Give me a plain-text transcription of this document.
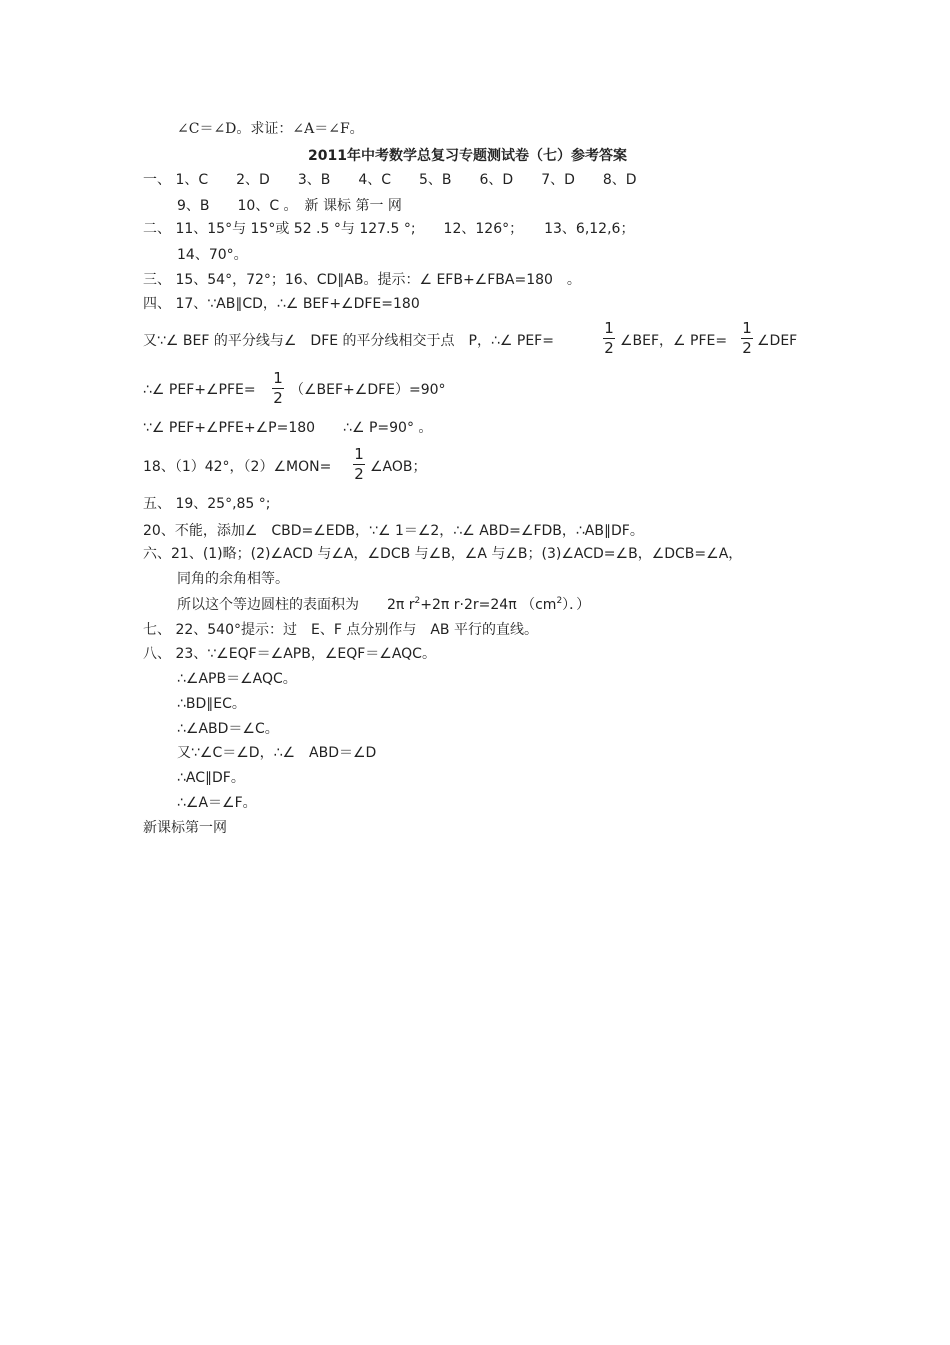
∠C＝∠D。求证：∠A＝∠F。
2011年中考数学总复习专题测试卷（七）参考答案
一、 1、C　　2、D　　3、B　　4、C　　5、B　　6、D　　7、D　　8、D
9、B　　10、C 。　新 课标 第一 网
二、 11、15°与 15°或 52 .5 °与 127.5 °;　　12、126°；　　13、6,12,6；
14、70°。
三、 15、54°，72°；16、CD∥AB。提示：∠ EFB+∠FBA=180　。
四、 17、∵AB∥CD，∴∠ BEF+∠DFE=180
又∵∠ BEF 的平分线与∠　DFE 的平分线相交于点　P，∴∠ PEF=
1
2 ∠BEF，∠ PFE=
1
2 ∠DEF
∴∠ PEF+∠PFE=
1
2 （∠BEF+∠DFE）=90°
∵∠ PEF+∠PFE+∠P=180　　∴∠ P=90° 。
18、（1）42°，（2）∠MON=
1
2 ∠AOB；
五、 19、25°,85 °;
20、不能，添加∠　CBD=∠EDB，∵∠ 1＝∠2，∴∠ ABD=∠FDB，∴AB∥DF。
六、21、(1)略；(2)∠ACD 与∠A，∠DCB 与∠B，∠A 与∠B；(3)∠ACD=∠B，∠DCB=∠A，
同角的余角相等。
所以这个等边圆柱的表面积为　　2π $r^2+2\pi$ r·2r=24π $(cm^2)$．）
七、 22、540°提示：过　E、F 点分别作与　AB 平行的直线。
八、 23、∵∠EQF＝∠APB，∠EQF＝∠AQC。
∴∠APB＝∠AQC。
∴BD∥EC。
∴∠ABD＝∠C。
又∵∠C＝∠D，∴∠　ABD＝∠D
∴AC∥DF。
∴∠A＝∠F。
新课标第一网
